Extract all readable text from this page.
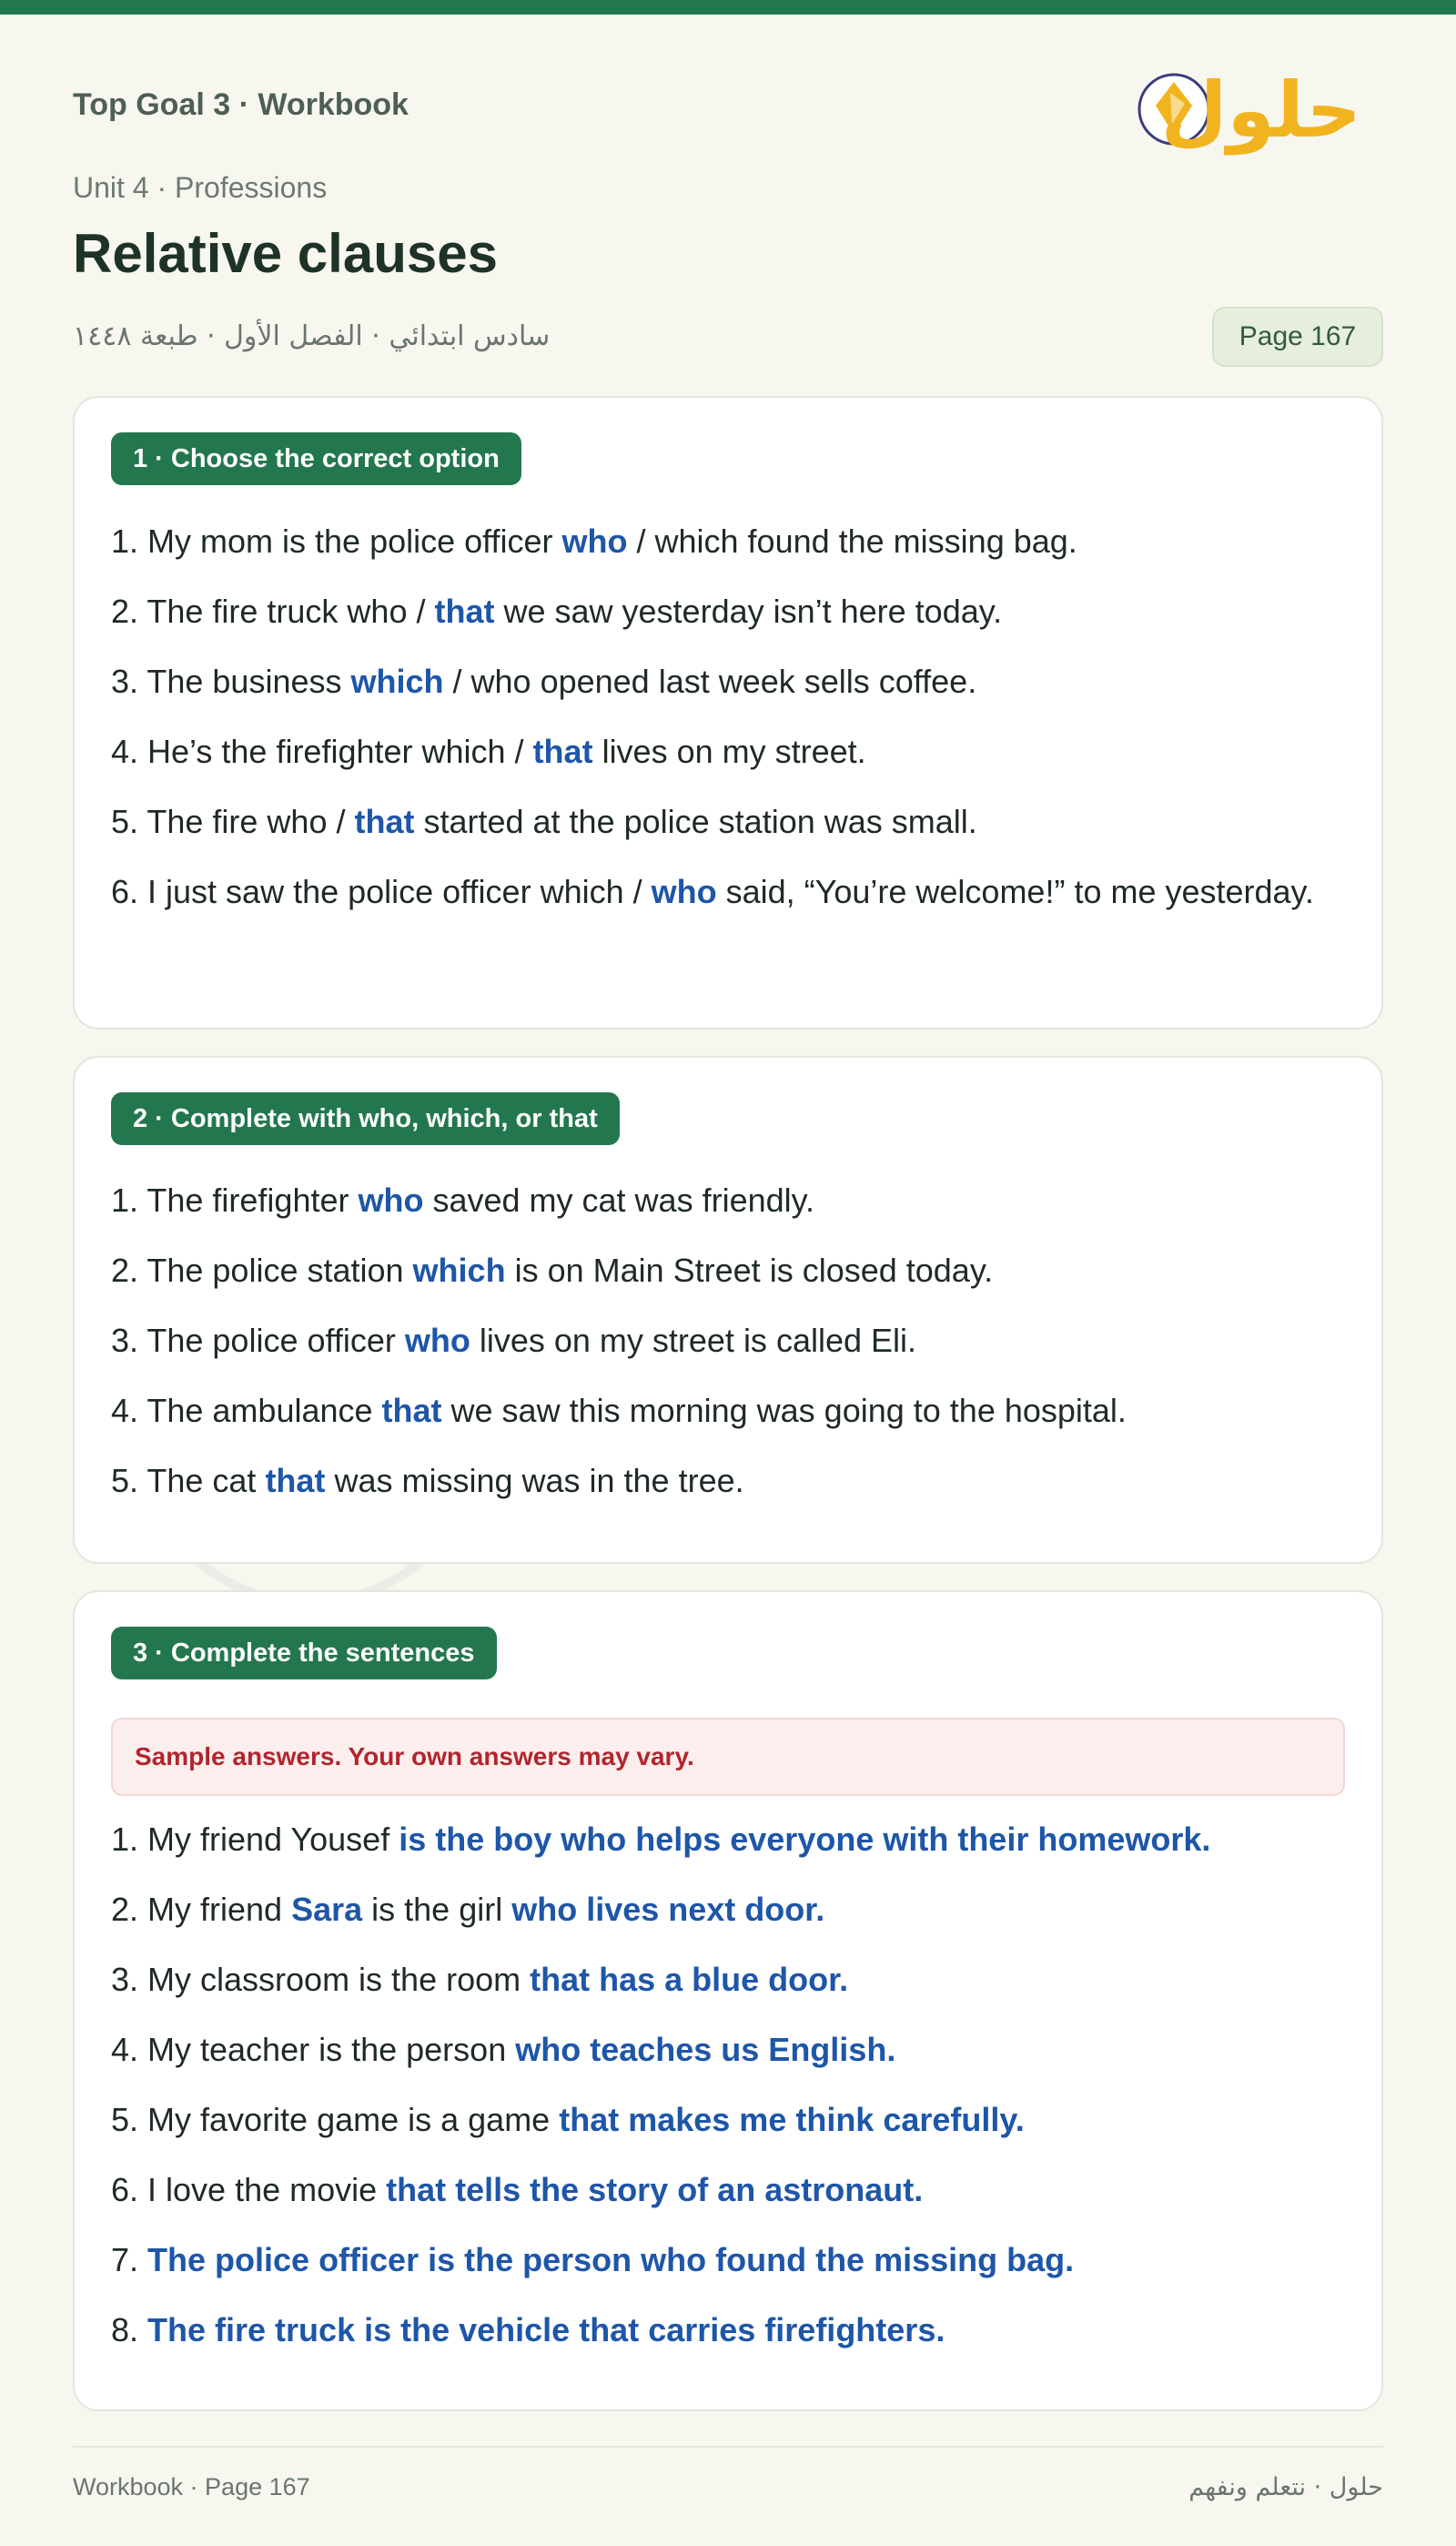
Top Goal 3 · Workbook
Unit 4 · Professions
Relative clauses
سادس ابتدائي · الفصل الأول · طبعة ١٤٤٨	Page 167
حلول
1 · Choose the correct option
1. My mom is the police officer who / which found the missing bag.
2. The fire truck who / that we saw yesterday isn’t here today.
3. The business which / who opened last week sells coffee.
4. He’s the firefighter which / that lives on my street.
5. The fire who / that started at the police station was small.
6. I just saw the police officer which / who said, “You’re welcome!” to me yesterday.
2 · Complete with who, which, or that
1. The firefighter who saved my cat was friendly.
2. The police station which is on Main Street is closed today.
3. The police officer who lives on my street is called Eli.
4. The ambulance that we saw this morning was going to the hospital.
5. The cat that was missing was in the tree.
3 · Complete the sentences
Sample answers. Your own answers may vary.
1. My friend Yousef is the boy who helps everyone with their homework.
2. My friend Sara is the girl who lives next door.
3. My classroom is the room that has a blue door.
4. My teacher is the person who teaches us English.
5. My favorite game is a game that makes me think carefully.
6. I love the movie that tells the story of an astronaut.
7. The police officer is the person who found the missing bag.
8. The fire truck is the vehicle that carries firefighters.
Workbook · Page 167	حلول · نتعلم ونفهم
